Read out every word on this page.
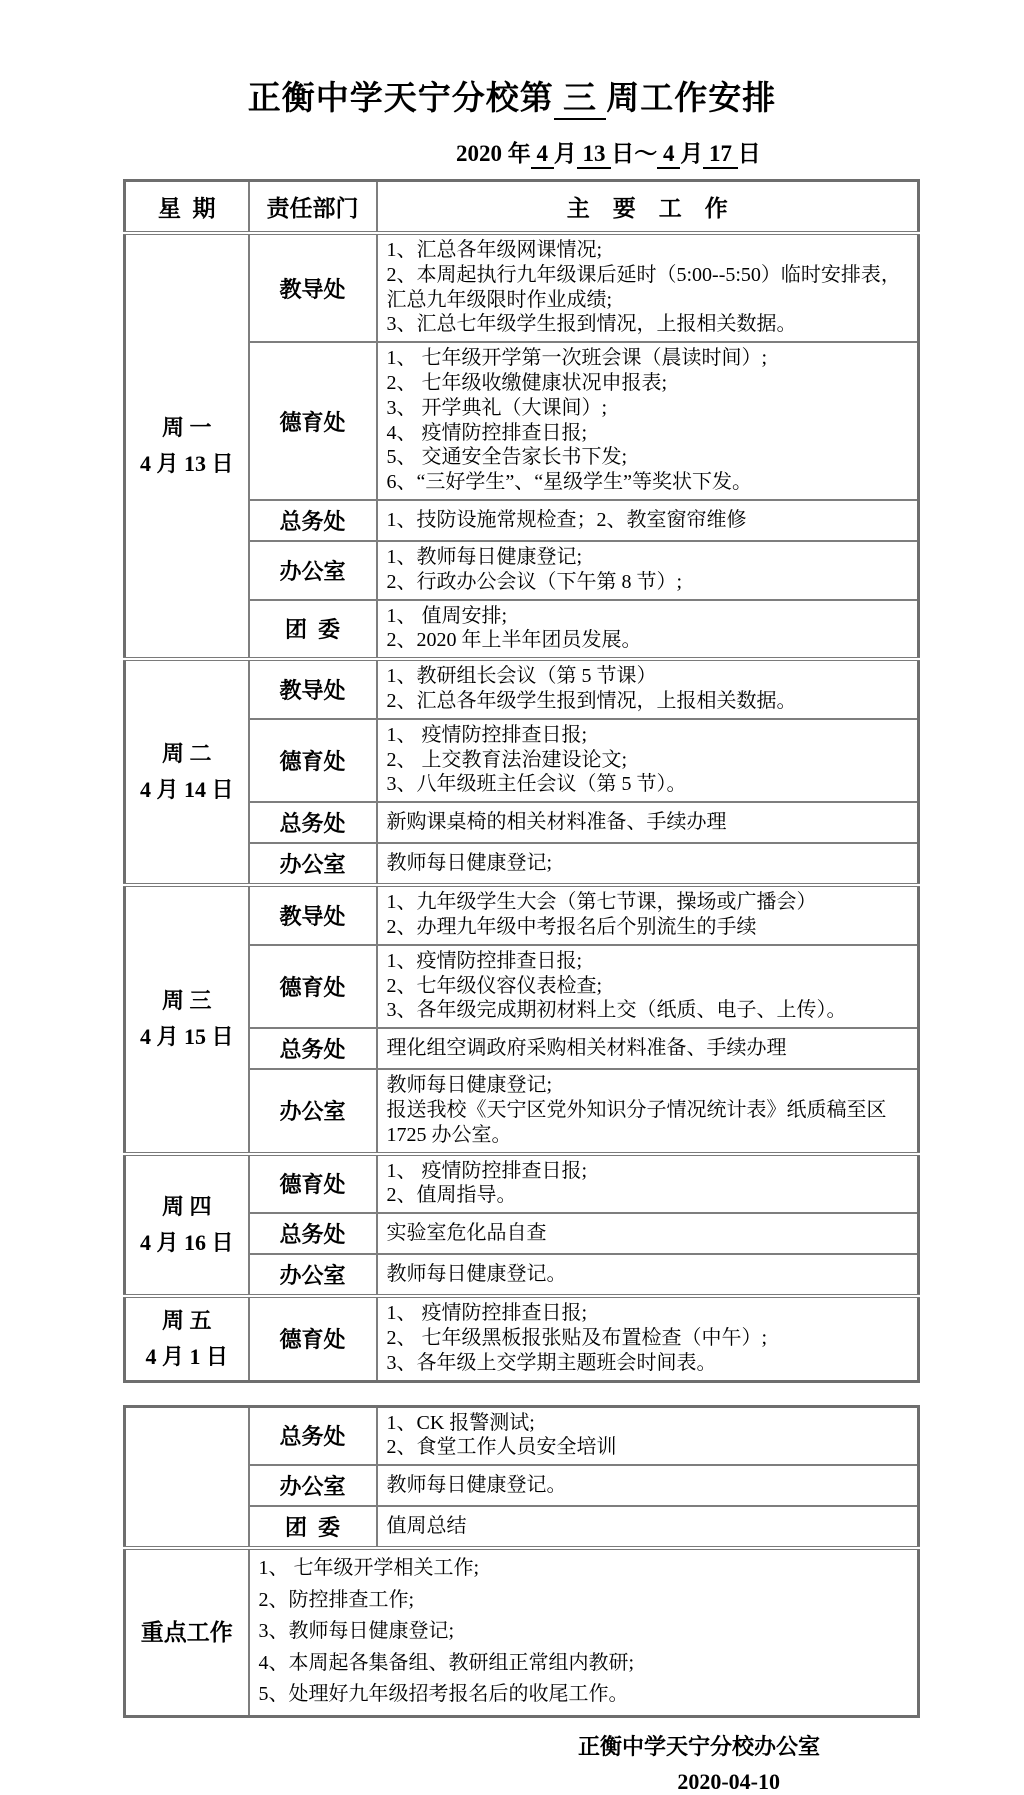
正衡中学天宁分校第 三 周工作安排
2020 年 4 月 13 日～ 4 月 17 日
星  期	责任部门	主　要　工　作

周 一
4 月 13 日
	教导处	
1、汇总各年级网课情况;
2、本周起执行九年级课后延时（5:00--5:50）临时安排表，汇总九年级限时作业成绩;
3、汇总七年级学生报到情况，上报相关数据。

德育处	
1、 七年级开学第一次班会课（晨读时间）;
2、 七年级收缴健康状况申报表;
3、 开学典礼（大课间）;
4、 疫情防控排查日报;
5、 交通安全告家长书下发;
6、“三好学生”、“星级学生”等奖状下发。

	总务处	1、技防设施常规检查；2、教室窗帘维修

	办公室	1、教师每日健康登记;
2、行政办公会议（下午第 8 节）;

	团  委	1、 值周安排;
2、2020 年上半年团员发展。

周 二
4 月 14 日
	教导处	
1、教研组长会议（第 5 节课）
2、汇总各年级学生报到情况，上报相关数据。

	德育处	1、 疫情防控排查日报;
2、 上交教育法治建设论文;
3、八年级班主任会议（第 5 节）。

	总务处	新购课桌椅的相关材料准备、手续办理

	办公室	教师每日健康登记;

周 三
4 月 15 日
	教导处	
1、九年级学生大会（第七节课，操场或广播会）
2、办理九年级中考报名后个别流生的手续

	德育处	1、疫情防控排查日报;
2、七年级仪容仪表检查;
3、各年级完成期初材料上交（纸质、电子、上传）。

	总务处	理化组空调政府采购相关材料准备、手续办理

	办公室	教师每日健康登记;
报送我校《天宁区党外知识分子情况统计表》纸质稿至区 1725 办公室。

周 四
4 月 16 日
	德育处	
1、 疫情防控排查日报;
2、值周指导。

	总务处	实验室危化品自查

	办公室	教师每日健康登记。

周 五
4 月 1 日
	德育处	
1、 疫情防控排查日报;
2、 七年级黑板报张贴及布置检查（中午）;
3、各年级上交学期主题班会时间表。
	总务处	1、CK 报警测试;
2、食堂工作人员安全培训

	办公室	教师每日健康登记。

	团  委	值周总结

重点工作	1、 七年级开学相关工作;
2、防控排查工作;
3、教师每日健康登记;
4、本周起各集备组、教研组正常组内教研;
5、处理好九年级招考报名后的收尾工作。	
正衡中学天宁分校办公室
2020-04-10
